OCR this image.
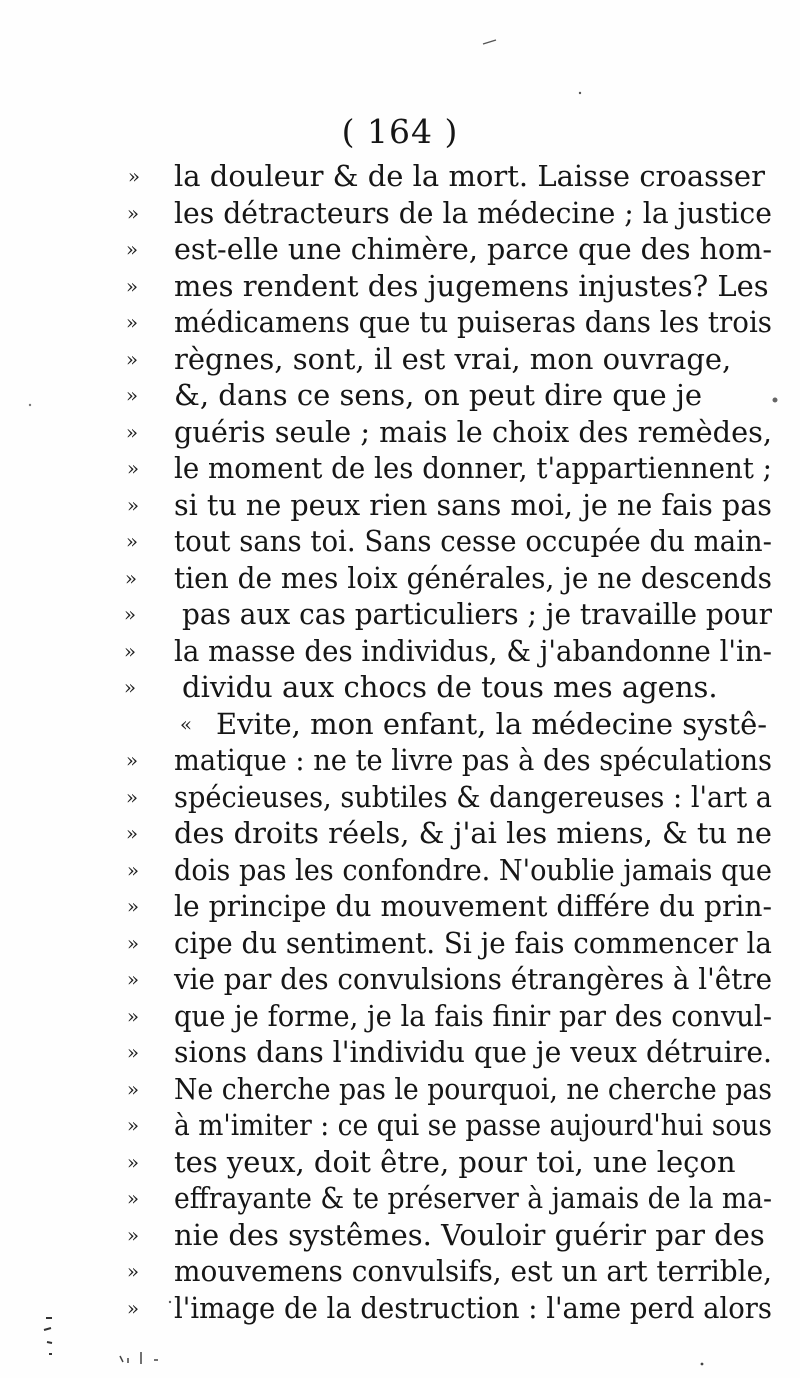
( 164 )
»	la douleur & de la mort. Laisse croasser
»	les détracteurs de la médecine ; la justice
»	est-elle une chimère, parce que des hom-
»	mes rendent des jugemens injustes? Les
»	médicamens que tu puiseras dans les trois
»	règnes, sont, il est vrai, mon ouvrage,
»	&, dans ce sens, on peut dire que je
»	guéris seule ; mais le choix des remèdes,
»	le moment de les donner, t'appartiennent ;
»	si tu ne peux rien sans moi, je ne fais pas
»	tout sans toi. Sans cesse occupée du main-
»	tien de mes loix générales, je ne descends
»	pas aux cas particuliers ; je travaille pour
»	la masse des individus, & j'abandonne l'in-
»	dividu aux chocs de tous mes agens.
« Evite, mon enfant, la médecine systê-
»	matique : ne te livre pas à des spéculations
»	spécieuses, subtiles & dangereuses : l'art a
»	des droits réels, & j'ai les miens, & tu ne
»	dois pas les confondre. N'oublie jamais que
»	le principe du mouvement différe du prin-
»	cipe du sentiment. Si je fais commencer la
»	vie par des convulsions étrangères à l'être
»	que je forme, je la fais finir par des convul-
»	sions dans l'individu que je veux détruire.
»	Ne cherche pas le pourquoi, ne cherche pas
»	à m'imiter : ce qui se passe aujourd'hui sous
»	tes yeux, doit être, pour toi, une leçon
»	effrayante & te préserver à jamais de la ma-
»	nie des systêmes. Vouloir guérir par des
»	mouvemens convulsifs, est un art terrible,
»	l'image de la destruction : l'ame perd alors
